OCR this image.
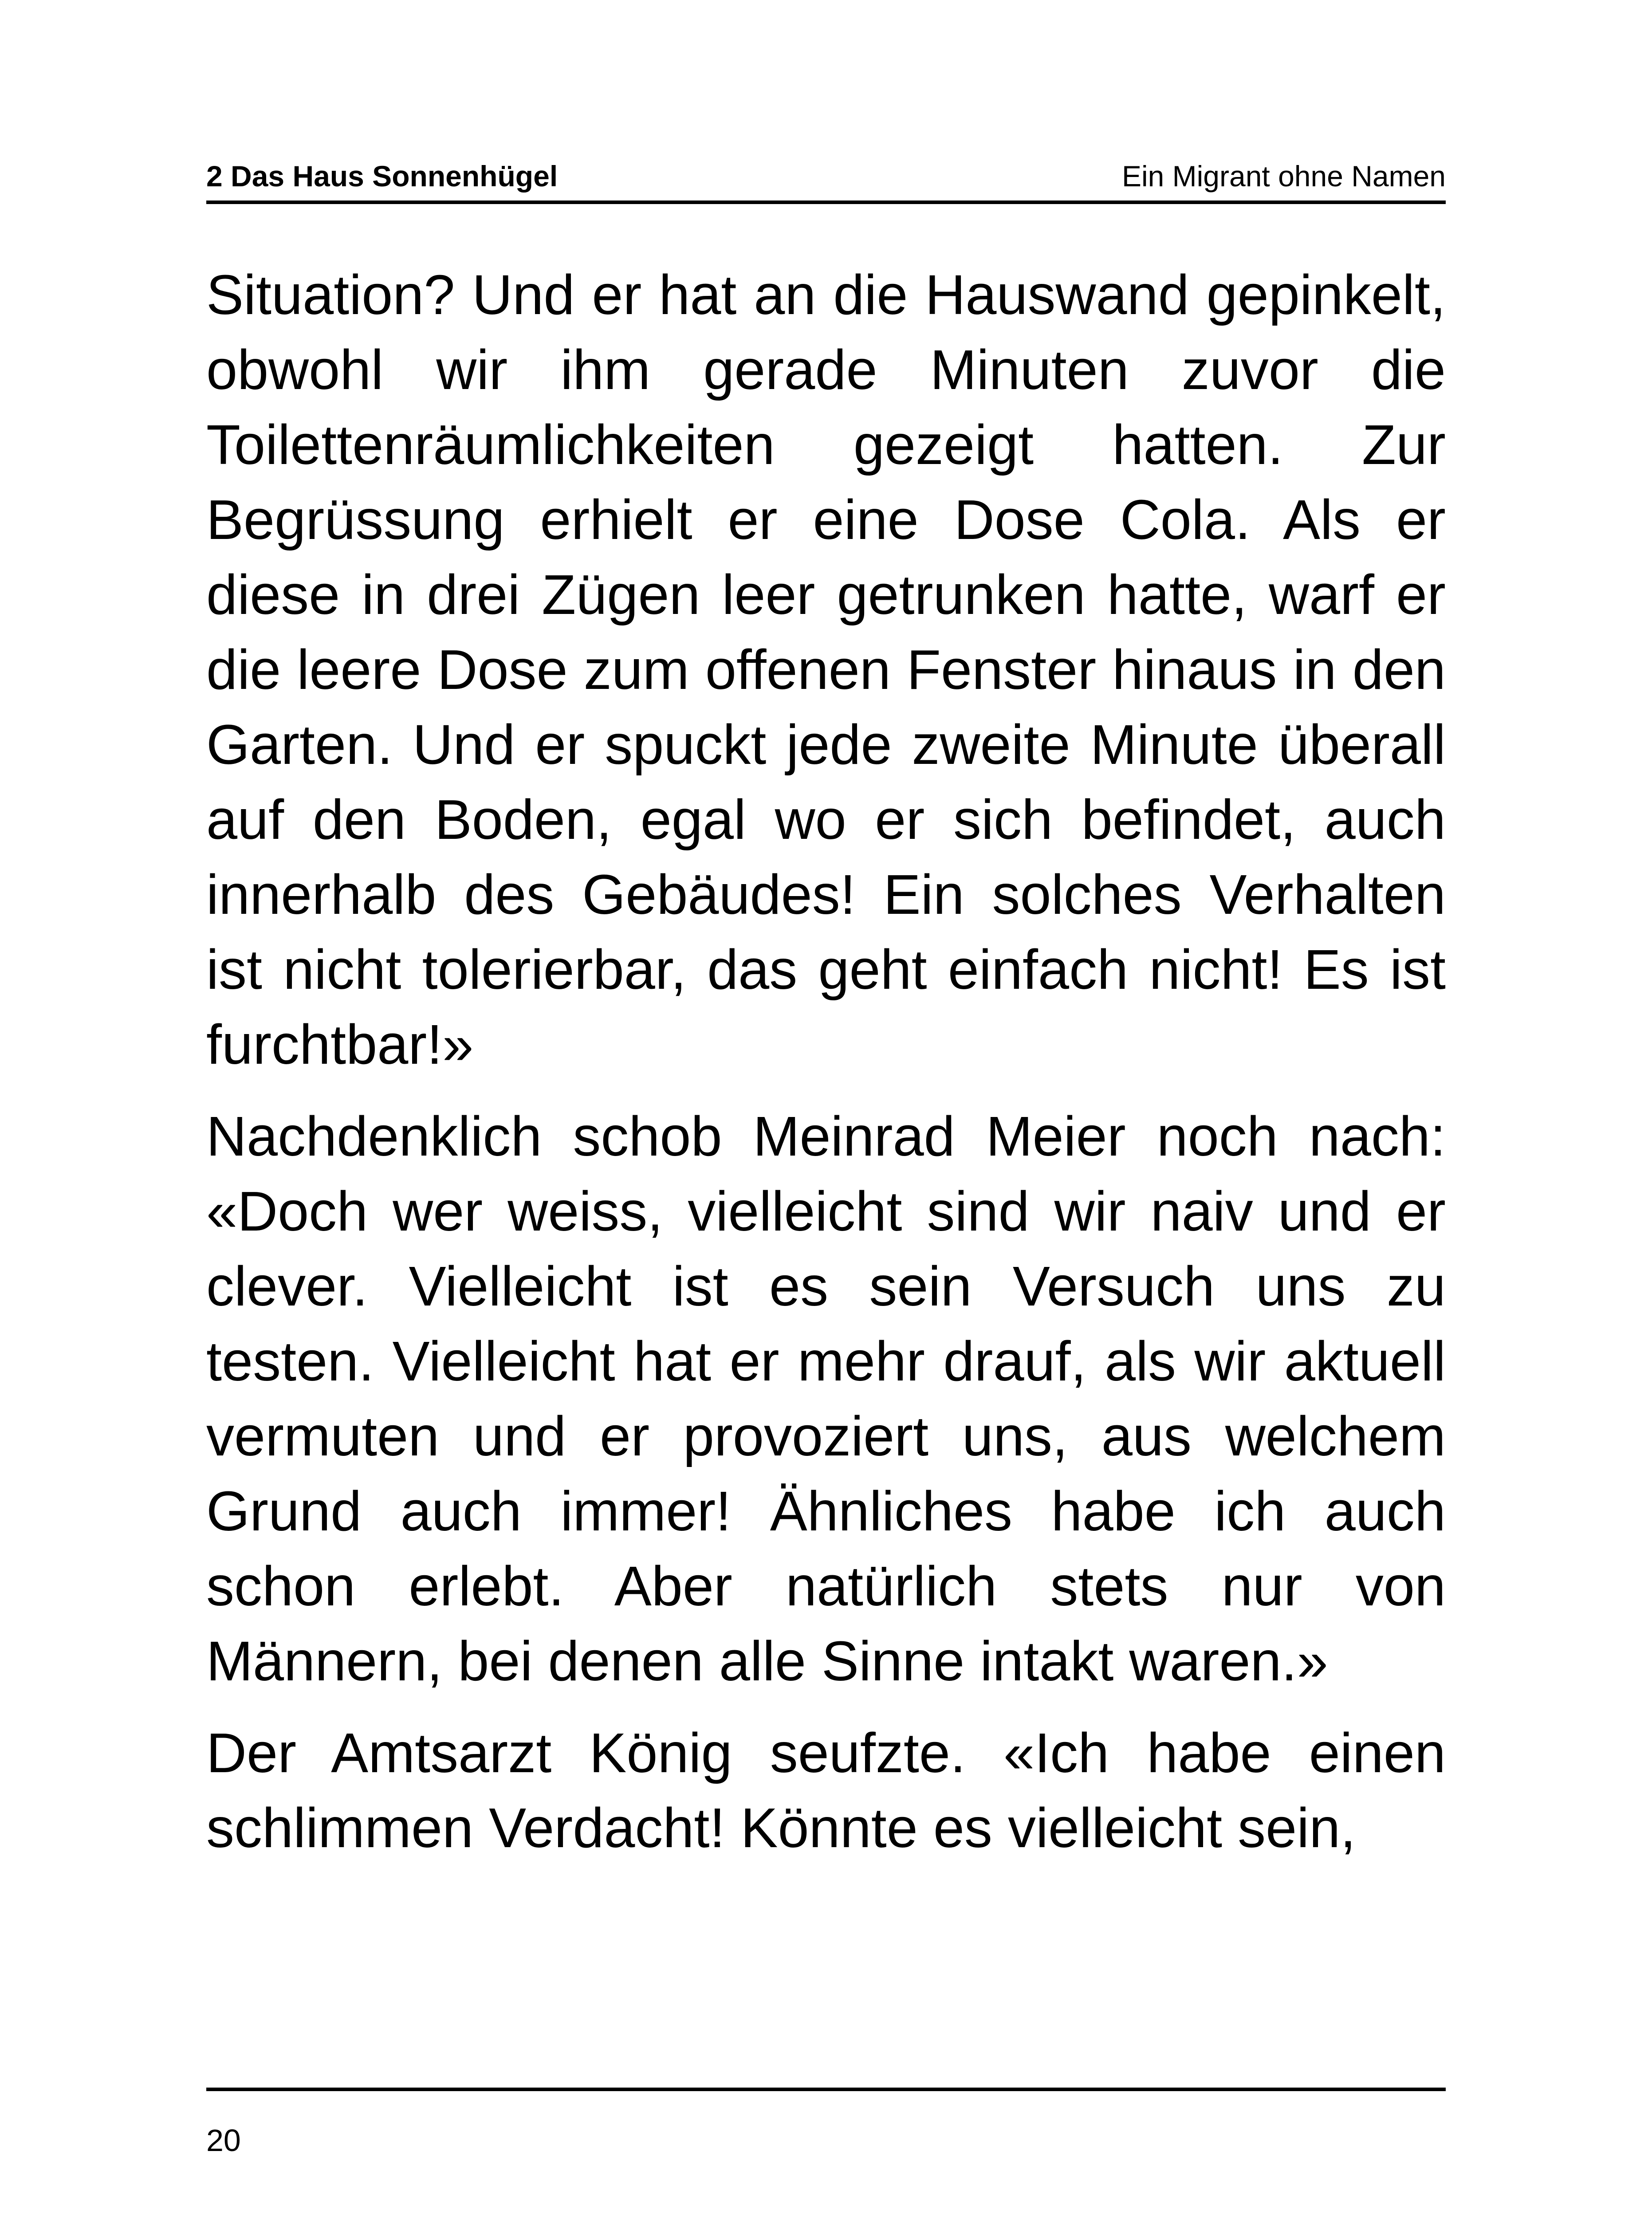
2 Das Haus Sonnenhügel	Ein Migrant ohne Namen

Situation? Und er hat an die Hauswand gepinkelt, obwohl wir ihm gerade Minuten zuvor die Toilettenräumlichkeiten gezeigt hatten. Zur Begrüssung erhielt er eine Dose Cola. Als er diese in drei Zügen leer getrunken hatte, warf er die leere Dose zum offenen Fenster hinaus in den Garten. Und er spuckt jede zweite Minute überall auf den Boden, egal wo er sich befindet, auch innerhalb des Gebäudes! Ein solches Verhalten ist nicht tolerierbar, das geht einfach nicht! Es ist furchtbar!»

Nachdenklich schob Meinrad Meier noch nach: «Doch wer weiss, vielleicht sind wir naiv und er clever. Vielleicht ist es sein Versuch uns zu testen. Vielleicht hat er mehr drauf, als wir aktuell vermuten und er provoziert uns, aus welchem Grund auch immer! Ähnliches habe ich auch schon erlebt. Aber natürlich stets nur von Männern, bei denen alle Sinne intakt waren.»

Der Amtsarzt König seufzte. «Ich habe einen schlimmen Verdacht! Könnte es vielleicht sein,

20
